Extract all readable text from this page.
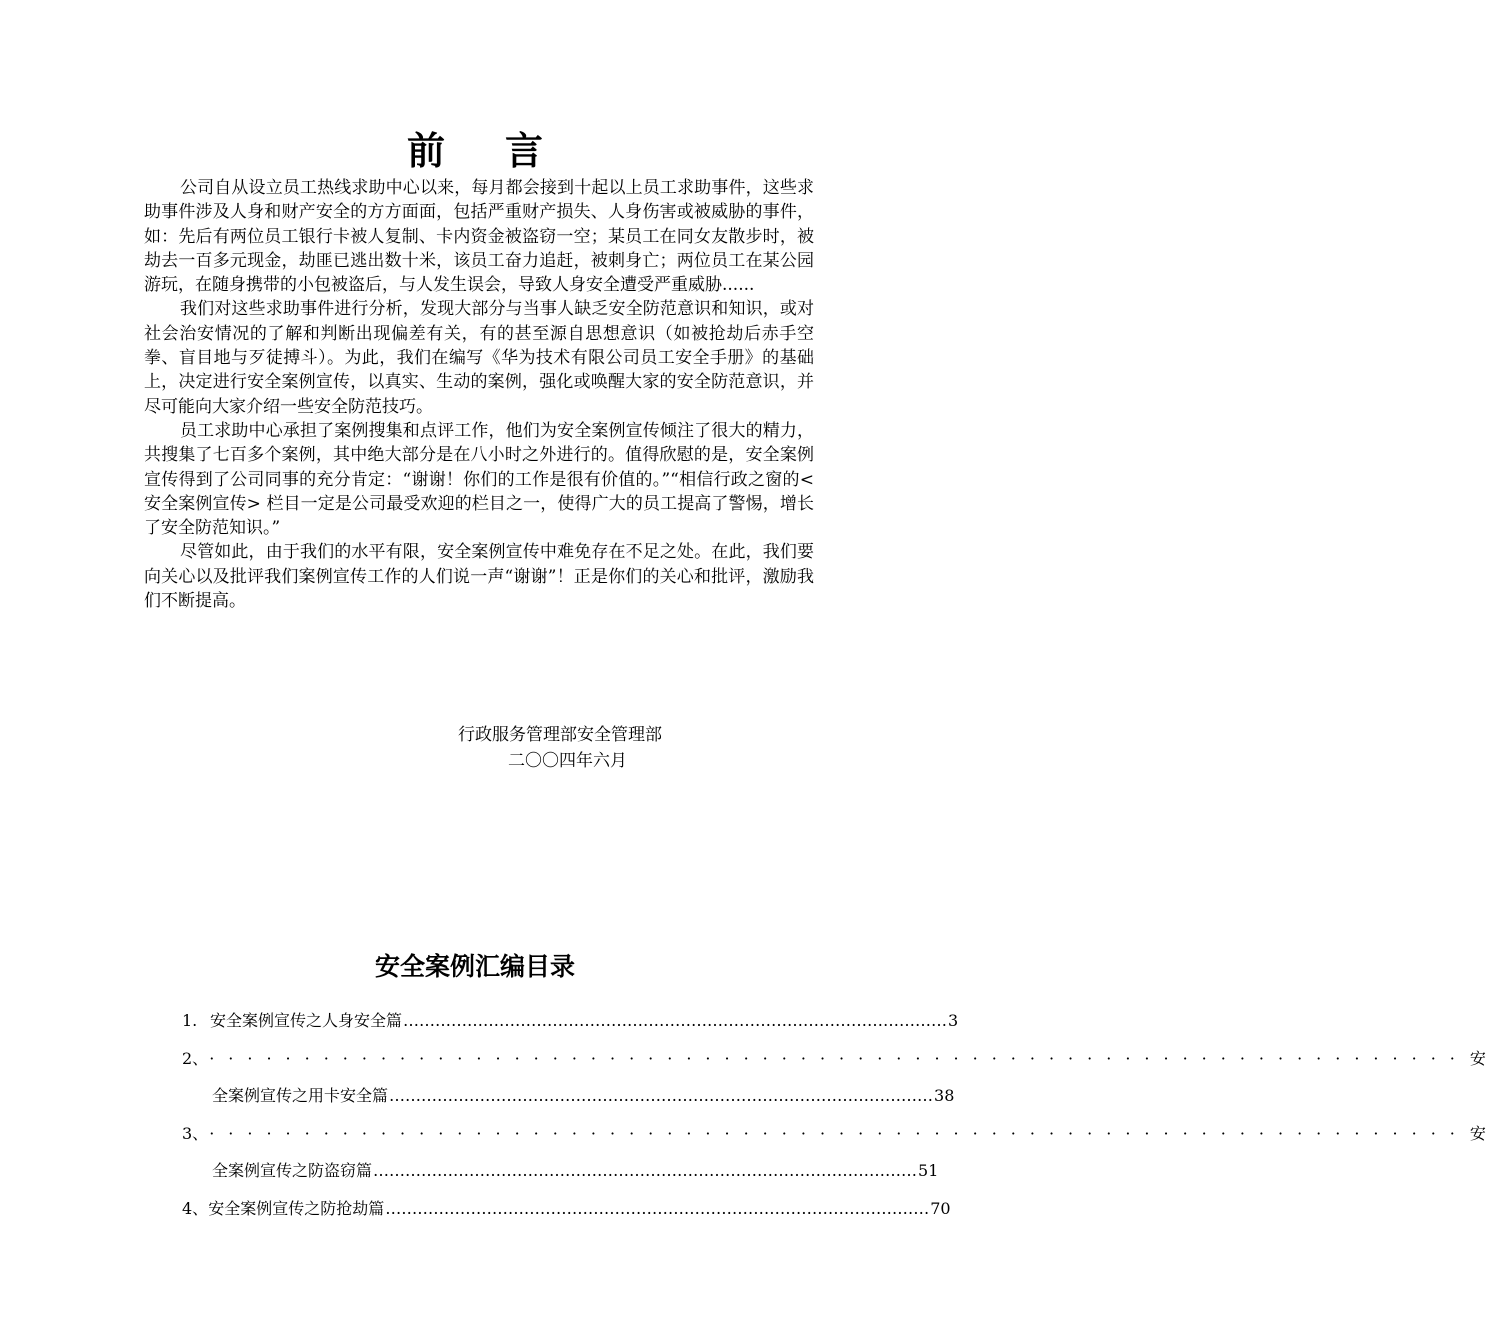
前言

公司自从设立员工热线求助中心以来，每月都会接到十起以上员工求助事件，这些求助事件涉及人身和财产安全的方方面面，包括严重财产损失、人身伤害或被威胁的事件，如：先后有两位员工银行卡被人复制、卡内资金被盗窃一空；某员工在同女友散步时，被劫去一百多元现金，劫匪已逃出数十米，该员工奋力追赶，被刺身亡；两位员工在某公园游玩，在随身携带的小包被盗后，与人发生误会，导致人身安全遭受严重威胁......

我们对这些求助事件进行分析，发现大部分与当事人缺乏安全防范意识和知识，或对社会治安情况的了解和判断出现偏差有关，有的甚至源自思想意识（如被抢劫后赤手空拳、盲目地与歹徒搏斗）。为此，我们在编写《华为技术有限公司员工安全手册》的基础上，决定进行安全案例宣传，以真实、生动的案例，强化或唤醒大家的安全防范意识，并尽可能向大家介绍一些安全防范技巧。

员工求助中心承担了案例搜集和点评工作，他们为安全案例宣传倾注了很大的精力，共搜集了七百多个案例，其中绝大部分是在八小时之外进行的。值得欣慰的是，安全案例宣传得到了公司同事的充分肯定：“谢谢！你们的工作是很有价值的。”“相信行政之窗的<安全案例宣传> 栏目一定是公司最受欢迎的栏目之一，使得广大的员工提高了警惕，增长了安全防范知识。”

尽管如此，由于我们的水平有限，安全案例宣传中难免存在不足之处。在此，我们要向关心以及批评我们案例宣传工作的人们说一声“谢谢”！正是你们的关心和批评，激励我们不断提高。

行政服务管理部安全管理部
二〇〇四年六月
安全案例汇编目录
1. 安全案例宣传之人身安全篇 ………………………………………………………………………………………… 3
2、 ·································································· 安
全案例宣传之用卡安全篇 ………………………………………………………………………………………… 38
3、 ·································································· 安
全案例宣传之防盗窃篇 ………………………………………………………………………………………… 51
4、 安全案例宣传之防抢劫篇 ………………………………………………………………………………………… 70
